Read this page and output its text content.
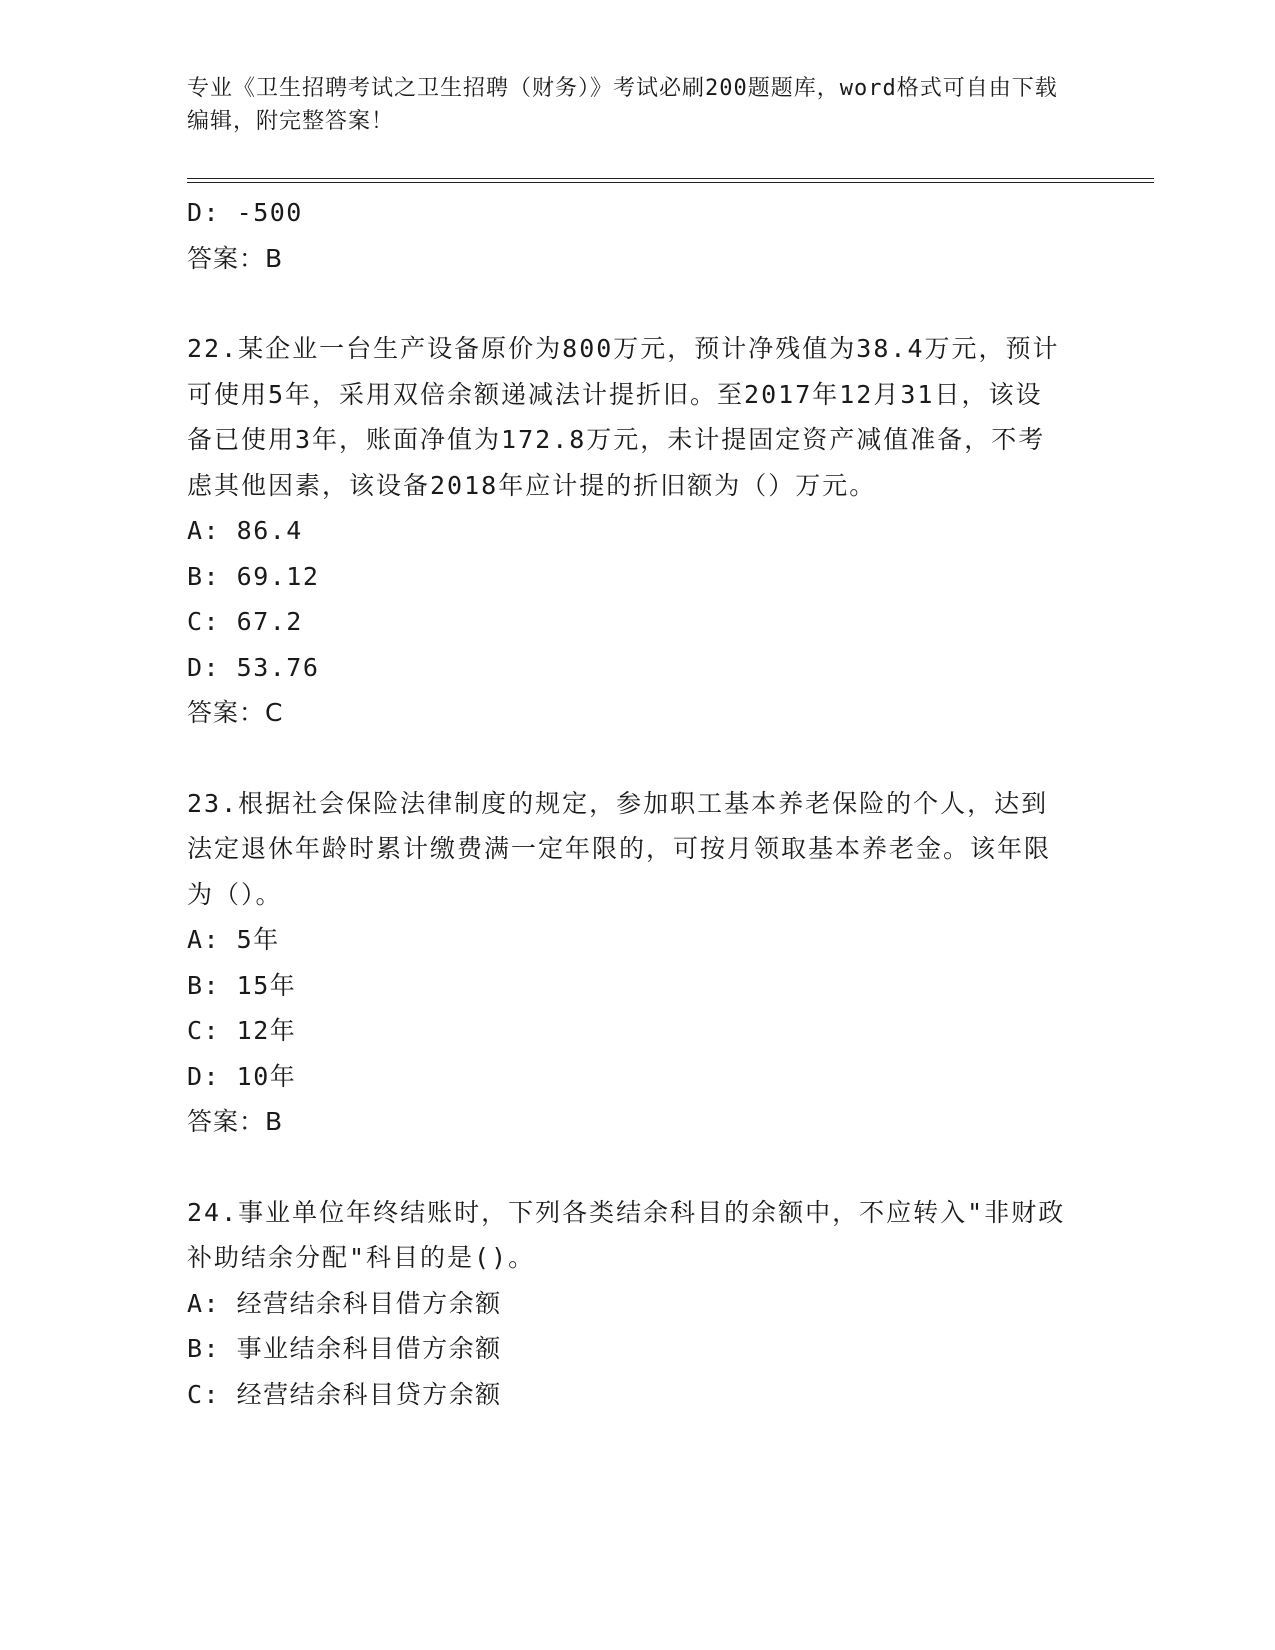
专业《卫生招聘考试之卫生招聘（财务）》考试必刷200题题库，word格式可自由下载编辑，附完整答案！
D: -500
答案：B
22.某企业一台生产设备原价为800万元，预计净残值为38.4万元，预计可使用5年，采用双倍余额递减法计提折旧。至2017年12月31日，该设备已使用3年，账面净值为172.8万元，未计提固定资产减值准备，不考虑其他因素，该设备2018年应计提的折旧额为（）万元。
A: 86.4
B: 69.12
C: 67.2
D: 53.76
答案：C
23.根据社会保险法律制度的规定，参加职工基本养老保险的个人，达到法定退休年龄时累计缴费满一定年限的，可按月领取基本养老金。该年限为（）。
A: 5年
B: 15年
C: 12年
D: 10年
答案：B
24.事业单位年终结账时，下列各类结余科目的余额中，不应转入"非财政补助结余分配"科目的是()。
A: 经营结余科目借方余额
B: 事业结余科目借方余额
C: 经营结余科目贷方余额
